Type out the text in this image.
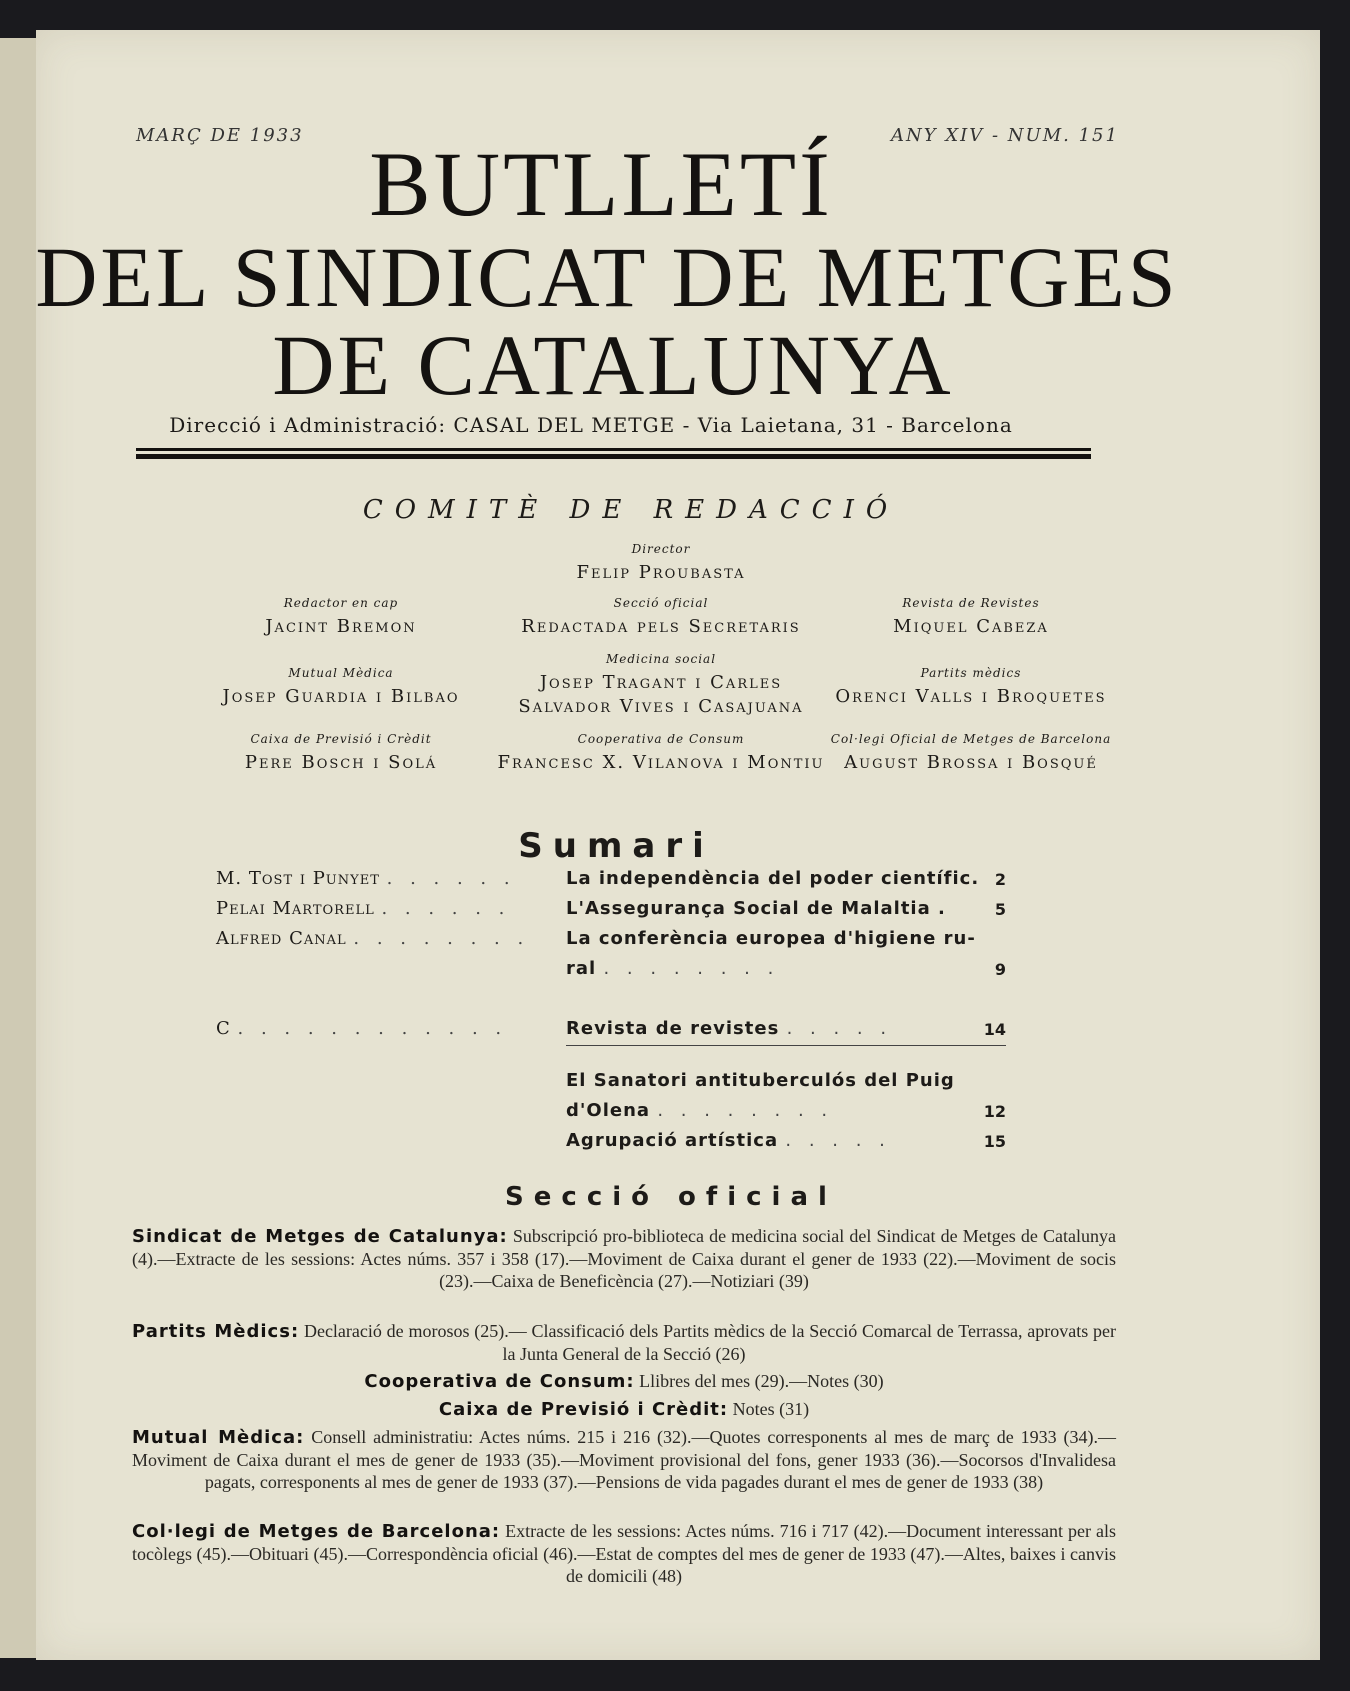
MARÇ DE 1933	ANY XIV - NUM. 151
BUTLLETÍ
DEL SINDICAT DE METGES
DE CATALUNYA
Direcció i Administració: CASAL DEL METGE - Via Laietana, 31 - Barcelona
COMITÈ DE REDACCIÓ
Director
Felip Proubasta
Redactor en cap
Jacint Bremon
Secció oficial
Redactada pels Secretaris
Revista de Revistes
Miquel Cabeza
Mutual Mèdica
Josep Guardia i Bilbao
Medicina social
Josep Tragant i Carles
Salvador Vives i Casajuana
Partits mèdics
Orenci Valls i Broquetes
Caixa de Previsió i Crèdit
Pere Bosch i Solá
Cooperativa de Consum
Francesc X. Vilanova i Montiu
Col·legi Oficial de Metges de Barcelona
August Brossa i Bosqué
Sumari
M. Tost i Punyet . . . . . .	La independència del poder científic. 2
Pelai Martorell . . . . . .	L'Assegurança Social de Malaltia .	5
Alfred Canal . . . . . . . .	La conferència europea d'higiene ru-
ral . . . . . . . .	9
C . . . . . . . . . . . .	Revista de revistes . . . . .	14
El Sanatori antituberculós del Puig
d'Olena . . . . . . . .	12
Agrupació artística . . . . .	15
Secció oficial
Sindicat de Metges de Catalunya: Subscripció pro-biblioteca de medicina social del Sindicat de Metges de Catalunya (4).—Extracte de les sessions: Actes núms. 357 i 358 (17).—Moviment de Caixa durant el gener de 1933 (22).—Moviment de socis (23).—Caixa de Beneficència (27).—Notiziari (39)
Partits Mèdics: Declaració de morosos (25).— Classificació dels Partits mèdics de la Secció Comarcal de Terrassa, aprovats per la Junta General de la Secció (26)
Cooperativa de Consum: Llibres del mes (29).—Notes (30)
Caixa de Previsió i Crèdit: Notes (31)
Mutual Mèdica: Consell administratiu: Actes núms. 215 i 216 (32).—Quotes corresponents al mes de març de 1933 (34).—Moviment de Caixa durant el mes de gener de 1933 (35).—Moviment provisional del fons, gener 1933 (36).—Socorsos d'Invalidesa pagats, corresponents al mes de gener de 1933 (37).—Pensions de vida pagades durant el mes de gener de 1933 (38)
Col·legi de Metges de Barcelona: Extracte de les sessions: Actes núms. 716 i 717 (42).—Document interessant per als tocòlegs (45).—Obituari (45).—Correspondència oficial (46).—Estat de comptes del mes de gener de 1933 (47).—Altes, baixes i canvis de domicili (48)
